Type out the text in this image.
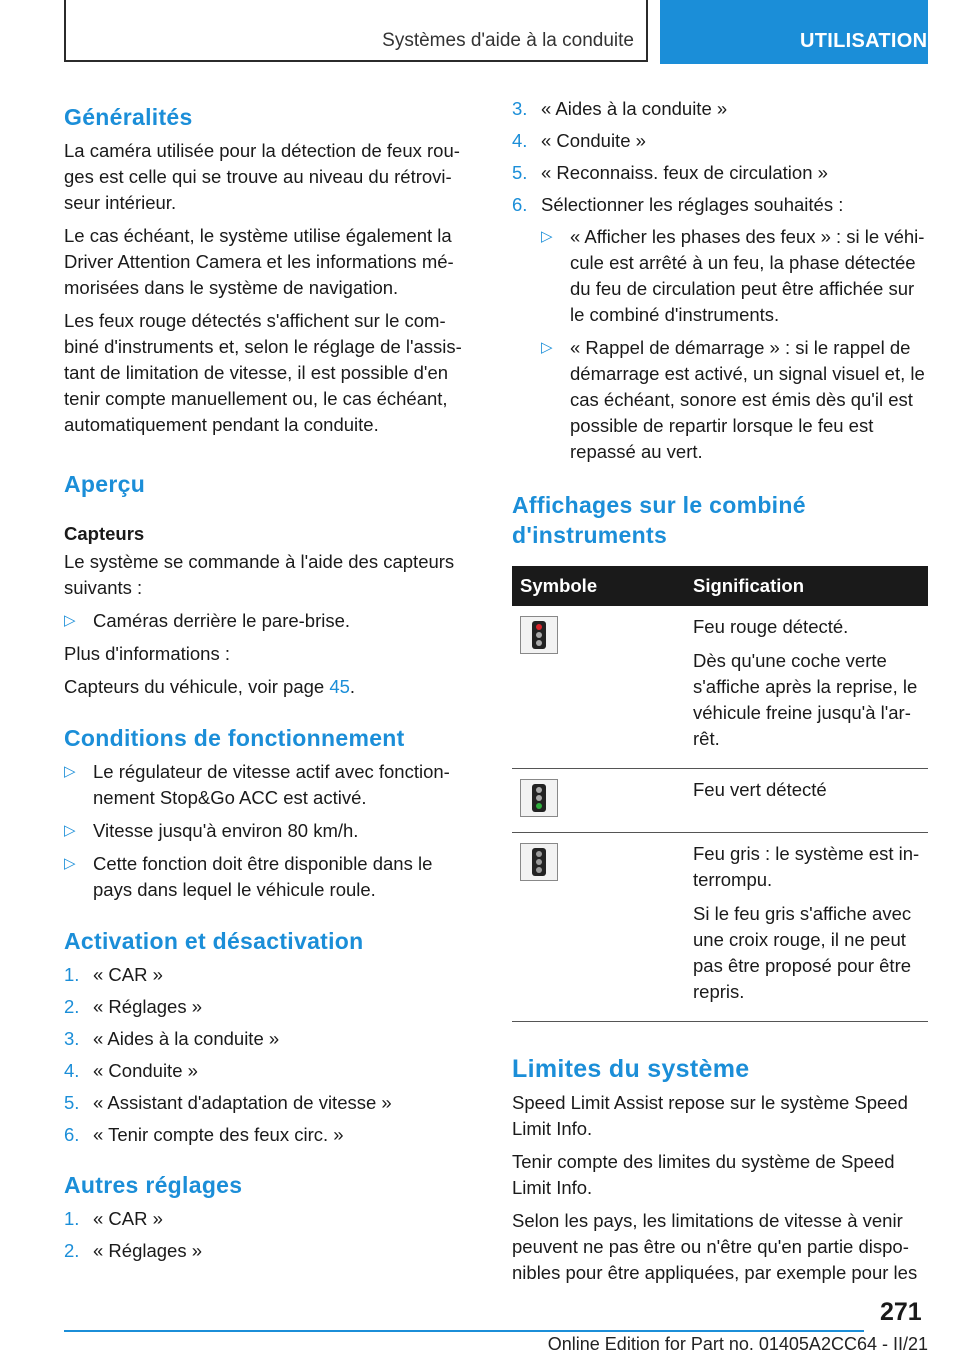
Systèmes d'aide à la conduite	UTILISATION
Généralités

La caméra utilisée pour la détection de feux rou-ges est celle qui se trouve au niveau du rétrovi-seur intérieur.

Le cas échéant, le système utilise également la Driver Attention Camera et les informations mé-morisées dans le système de navigation.

Les feux rouge détectés s'affichent sur le com-biné d'instruments et, selon le réglage de l'assis-tant de limitation de vitesse, il est possible d'en tenir compte manuellement ou, le cas échéant, automatiquement pendant la conduite.

Aperçu
Capteurs

Le système se commande à l'aide des capteurs suivants :

▷ Caméras derrière le pare-brise.

Plus d'informations :

Capteurs du véhicule, voir page 45.

Conditions de fonctionnement
▷ Le régulateur de vitesse actif avec fonction-nement Stop&Go ACC est activé.
▷ Vitesse jusqu'à environ 80 km/h.
▷ Cette fonction doit être disponible dans le pays dans lequel le véhicule roule.
Activation et désactivation
1. « CAR »
2. « Réglages »
3. « Aides à la conduite »
4. « Conduite »
5. « Assistant d'adaptation de vitesse »
6. « Tenir compte des feux circ. »
Autres réglages
1. « CAR »
2. « Réglages »
3. « Aides à la conduite »
4. « Conduite »
5. « Reconnaiss. feux de circulation »
6. Sélectionner les réglages souhaités :
▷ « Afficher les phases des feux » : si le véhi-cule est arrêté à un feu, la phase détectée du feu de circulation peut être affichée sur le combiné d'instruments.
▷ « Rappel de démarrage » : si le rappel de démarrage est activé, un signal visuel et, le cas échéant, sonore est émis dès qu'il est possible de repartir lorsque le feu est repassé au vert.
Affichages sur le combiné d'instruments
Symbole	Signification

	Feu rouge détecté.

Dès qu'une coche verte s'affiche après la reprise, le véhicule freine jusqu'à l'ar-rêt.

	Feu vert détecté

	Feu gris : le système est in-terrompu.

Si le feu gris s'affiche avec une croix rouge, il ne peut pas être proposé pour être repris.

Limites du système

Speed Limit Assist repose sur le système Speed Limit Info.

Tenir compte des limites du système de Speed Limit Info.

Selon les pays, les limitations de vitesse à venir peuvent ne pas être ou n'être qu'en partie dispo-nibles pour être appliquées, par exemple pour les

271
Online Edition for Part no. 01405A2CC64 - II/21
